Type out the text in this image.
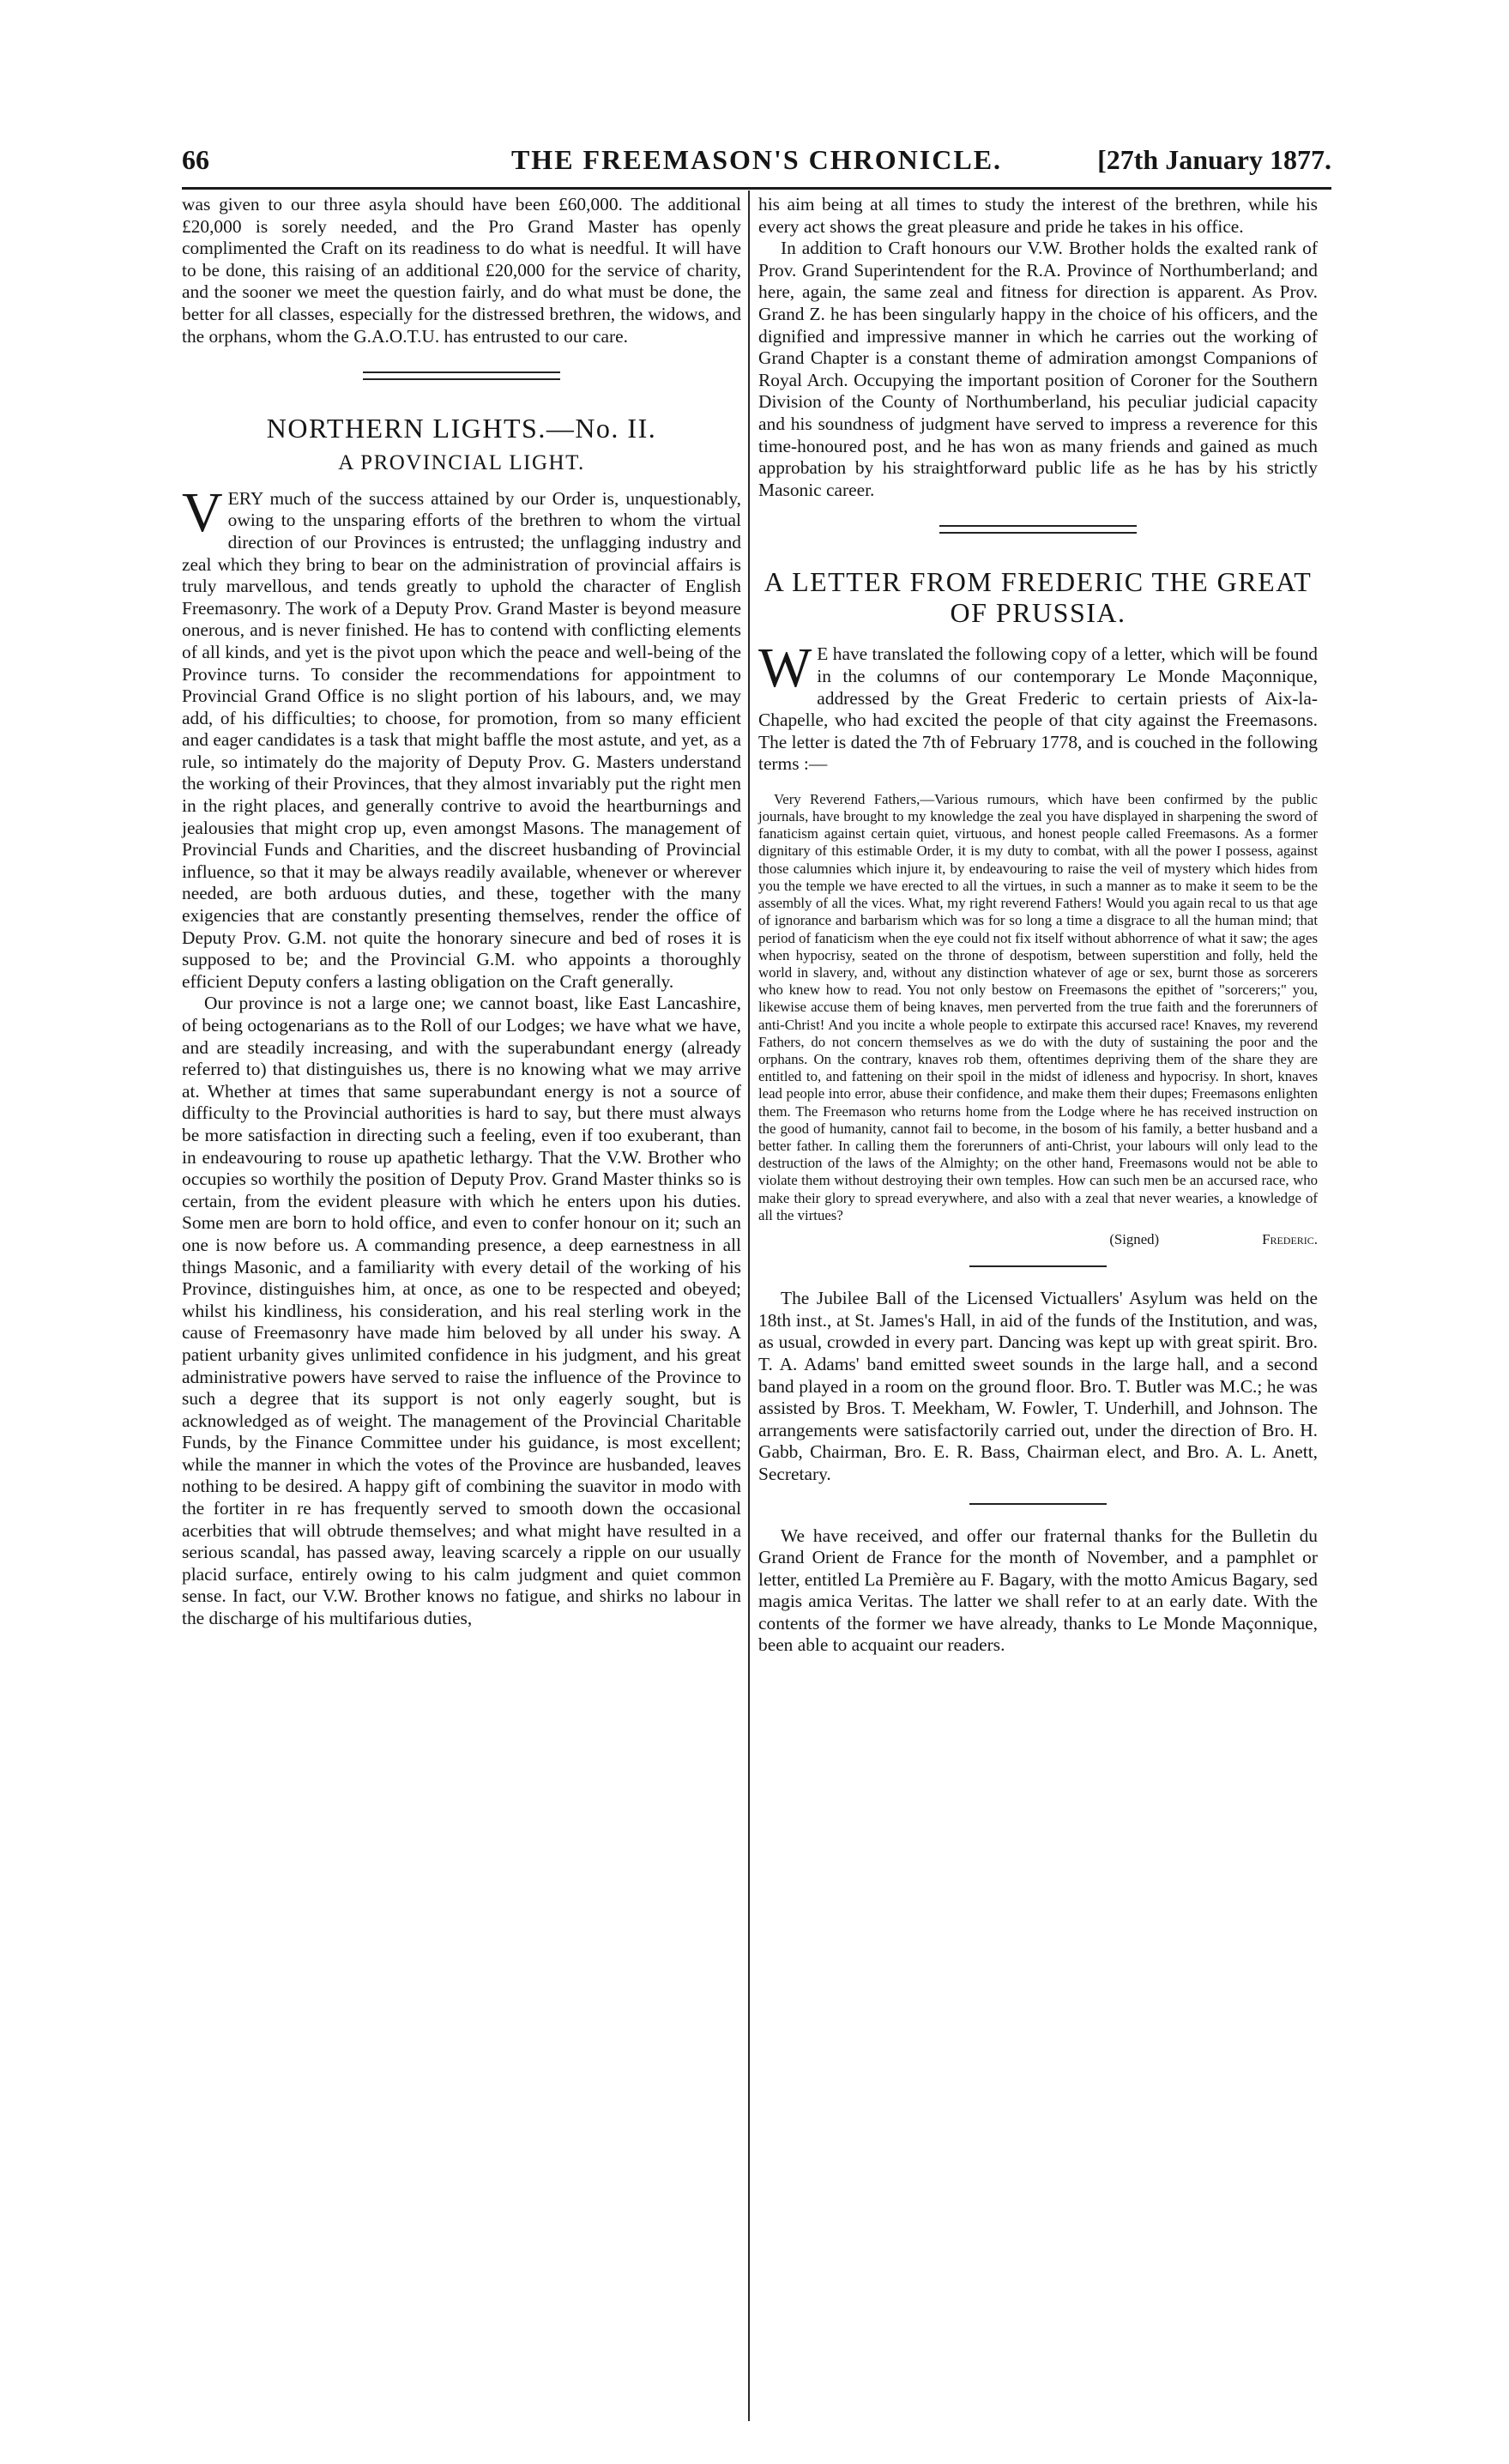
66	THE FREEMASON'S CHRONICLE.	[27th January 1877.

was given to our three asyla should have been £60,000. The additional £20,000 is sorely needed, and the Pro Grand Master has openly complimented the Craft on its readiness to do what is needful. It will have to be done, this raising of an additional £20,000 for the service of charity, and the sooner we meet the question fairly, and do what must be done, the better for all classes, especially for the distressed brethren, the widows, and the orphans, whom the G.A.O.T.U. has entrusted to our care.

NORTHERN LIGHTS.—No. II.
A PROVINCIAL LIGHT.

VERY much of the success attained by our Order is, unquestionably, owing to the unsparing efforts of the brethren to whom the virtual direction of our Provinces is entrusted; the unflagging industry and zeal which they bring to bear on the administration of provincial affairs is truly marvellous, and tends greatly to uphold the character of English Freemasonry. The work of a Deputy Prov. Grand Master is beyond measure onerous, and is never finished. He has to contend with conflicting elements of all kinds, and yet is the pivot upon which the peace and well-being of the Province turns. To consider the recommendations for appointment to Provincial Grand Office is no slight portion of his labours, and, we may add, of his difficulties; to choose, for promotion, from so many efficient and eager candidates is a task that might baffle the most astute, and yet, as a rule, so intimately do the majority of Deputy Prov. G. Masters understand the working of their Provinces, that they almost invariably put the right men in the right places, and generally contrive to avoid the heartburnings and jealousies that might crop up, even amongst Masons. The management of Provincial Funds and Charities, and the discreet husbanding of Provincial influence, so that it may be always readily available, whenever or wherever needed, are both arduous duties, and these, together with the many exigencies that are constantly presenting themselves, render the office of Deputy Prov. G.M. not quite the honorary sinecure and bed of roses it is supposed to be; and the Provincial G.M. who appoints a thoroughly efficient Deputy confers a lasting obligation on the Craft generally.

Our province is not a large one; we cannot boast, like East Lancashire, of being octogenarians as to the Roll of our Lodges; we have what we have, and are steadily increasing, and with the superabundant energy (already referred to) that distinguishes us, there is no knowing what we may arrive at. Whether at times that same superabundant energy is not a source of difficulty to the Provincial authorities is hard to say, but there must always be more satisfaction in directing such a feeling, even if too exuberant, than in endeavouring to rouse up apathetic lethargy. That the V.W. Brother who occupies so worthily the position of Deputy Prov. Grand Master thinks so is certain, from the evident pleasure with which he enters upon his duties. Some men are born to hold office, and even to confer honour on it; such an one is now before us. A commanding presence, a deep earnestness in all things Masonic, and a familiarity with every detail of the working of his Province, distinguishes him, at once, as one to be respected and obeyed; whilst his kindliness, his consideration, and his real sterling work in the cause of Freemasonry have made him beloved by all under his sway. A patient urbanity gives unlimited confidence in his judgment, and his great administrative powers have served to raise the influence of the Province to such a degree that its support is not only eagerly sought, but is acknowledged as of weight. The management of the Provincial Charitable Funds, by the Finance Committee under his guidance, is most excellent; while the manner in which the votes of the Province are husbanded, leaves nothing to be desired. A happy gift of combining the suavitor in modo with the fortiter in re has frequently served to smooth down the occasional acerbities that will obtrude themselves; and what might have resulted in a serious scandal, has passed away, leaving scarcely a ripple on our usually placid surface, entirely owing to his calm judgment and quiet common sense. In fact, our V.W. Brother knows no fatigue, and shirks no labour in the discharge of his multifarious duties,

his aim being at all times to study the interest of the brethren, while his every act shows the great pleasure and pride he takes in his office.

In addition to Craft honours our V.W. Brother holds the exalted rank of Prov. Grand Superintendent for the R.A. Province of Northumberland; and here, again, the same zeal and fitness for direction is apparent. As Prov. Grand Z. he has been singularly happy in the choice of his officers, and the dignified and impressive manner in which he carries out the working of Grand Chapter is a constant theme of admiration amongst Companions of Royal Arch. Occupying the important position of Coroner for the Southern Division of the County of Northumberland, his peculiar judicial capacity and his soundness of judgment have served to impress a reverence for this time-honoured post, and he has won as many friends and gained as much approbation by his straightforward public life as he has by his strictly Masonic career.

A LETTER FROM FREDERIC THE GREAT OF PRUSSIA.

W E have translated the following copy of a letter, which will be found in the columns of our contemporary Le Monde Maçonnique, addressed by the Great Frederic to certain priests of Aix-la-Chapelle, who had excited the people of that city against the Freemasons. The letter is dated the 7th of February 1778, and is couched in the following terms :—

Very Reverend Fathers,—Various rumours, which have been confirmed by the public journals, have brought to my knowledge the zeal you have displayed in sharpening the sword of fanaticism against certain quiet, virtuous, and honest people called Freemasons. As a former dignitary of this estimable Order, it is my duty to combat, with all the power I possess, against those calumnies which injure it, by endeavouring to raise the veil of mystery which hides from you the temple we have erected to all the virtues, in such a manner as to make it seem to be the assembly of all the vices. What, my right reverend Fathers! Would you again recal to us that age of ignorance and barbarism which was for so long a time a disgrace to all the human mind; that period of fanaticism when the eye could not fix itself without abhorrence of what it saw; the ages when hypocrisy, seated on the throne of despotism, between superstition and folly, held the world in slavery, and, without any distinction whatever of age or sex, burnt those as sorcerers who knew how to read. You not only bestow on Freemasons the epithet of "sorcerers;" you, likewise accuse them of being knaves, men perverted from the true faith and the forerunners of anti-Christ! And you incite a whole people to extirpate this accursed race! Knaves, my reverend Fathers, do not concern themselves as we do with the duty of sustaining the poor and the orphans. On the contrary, knaves rob them, oftentimes depriving them of the share they are entitled to, and fattening on their spoil in the midst of idleness and hypocrisy. In short, knaves lead people into error, abuse their confidence, and make them their dupes; Freemasons enlighten them. The Freemason who returns home from the Lodge where he has received instruction on the good of humanity, cannot fail to become, in the bosom of his family, a better husband and a better father. In calling them the forerunners of anti-Christ, your labours will only lead to the destruction of the laws of the Almighty; on the other hand, Freemasons would not be able to violate them without destroying their own temples. How can such men be an accursed race, who make their glory to spread everywhere, and also with a zeal that never wearies, a knowledge of all the virtues?

(Signed)	Frederic.

The Jubilee Ball of the Licensed Victuallers' Asylum was held on the 18th inst., at St. James's Hall, in aid of the funds of the Institution, and was, as usual, crowded in every part. Dancing was kept up with great spirit. Bro. T. A. Adams' band emitted sweet sounds in the large hall, and a second band played in a room on the ground floor. Bro. T. Butler was M.C.; he was assisted by Bros. T. Meekham, W. Fowler, T. Underhill, and Johnson. The arrangements were satisfactorily carried out, under the direction of Bro. H. Gabb, Chairman, Bro. E. R. Bass, Chairman elect, and Bro. A. L. Anett, Secretary.

We have received, and offer our fraternal thanks for the Bulletin du Grand Orient de France for the month of November, and a pamphlet or letter, entitled La Première au F. Bagary, with the motto Amicus Bagary, sed magis amica Veritas. The latter we shall refer to at an early date. With the contents of the former we have already, thanks to Le Monde Maçonnique, been able to acquaint our readers.
